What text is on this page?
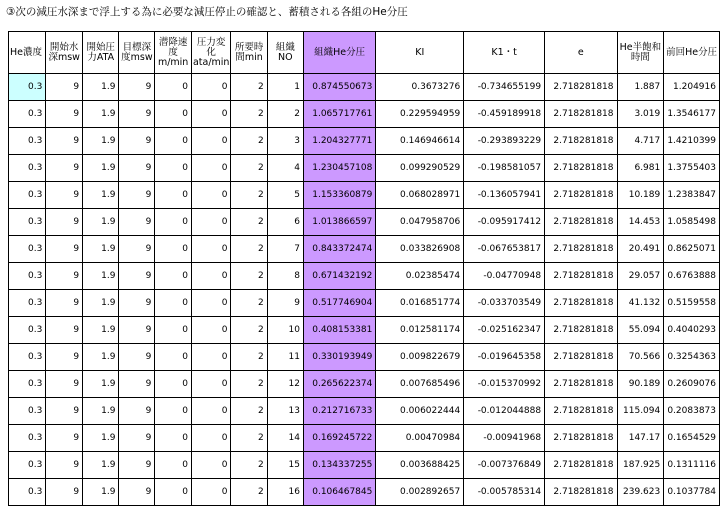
③次の減圧水深まで浮上する為に必要な減圧停止の確認と、蓄積される各組のHe分圧
He濃度	開始水深msw	開始圧力ATA	目標深度msw	潜降速度m/min	圧力変化ata/min	所要時間min	組織NO	組織He分圧	KI	K1・t	e	He半飽和時間	前回He分圧
0.3	9	1.9	9	0	0	2	1	0.874550673	0.3673276	-0.734655199	2.718281818	1.887	1.204916
0.3	9	1.9	9	0	0	2	2	1.065717761	0.229594959	-0.459189918	2.718281818	3.019	1.3546177
0.3	9	1.9	9	0	0	2	3	1.204327771	0.146946614	-0.293893229	2.718281818	4.717	1.4210399
0.3	9	1.9	9	0	0	2	4	1.230457108	0.099290529	-0.198581057	2.718281818	6.981	1.3755403
0.3	9	1.9	9	0	0	2	5	1.153360879	0.068028971	-0.136057941	2.718281818	10.189	1.2383847
0.3	9	1.9	9	0	0	2	6	1.013866597	0.047958706	-0.095917412	2.718281818	14.453	1.0585498
0.3	9	1.9	9	0	0	2	7	0.843372474	0.033826908	-0.067653817	2.718281818	20.491	0.8625071
0.3	9	1.9	9	0	0	2	8	0.671432192	0.02385474	-0.04770948	2.718281818	29.057	0.6763888
0.3	9	1.9	9	0	0	2	9	0.517746904	0.016851774	-0.033703549	2.718281818	41.132	0.5159558
0.3	9	1.9	9	0	0	2	10	0.408153381	0.012581174	-0.025162347	2.718281818	55.094	0.4040293
0.3	9	1.9	9	0	0	2	11	0.330193949	0.009822679	-0.019645358	2.718281818	70.566	0.3254363
0.3	9	1.9	9	0	0	2	12	0.265622374	0.007685496	-0.015370992	2.718281818	90.189	0.2609076
0.3	9	1.9	9	0	0	2	13	0.212716733	0.006022444	-0.012044888	2.718281818	115.094	0.2083873
0.3	9	1.9	9	0	0	2	14	0.169245722	0.00470984	-0.00941968	2.718281818	147.17	0.1654529
0.3	9	1.9	9	0	0	2	15	0.134337255	0.003688425	-0.007376849	2.718281818	187.925	0.1311116
0.3	9	1.9	9	0	0	2	16	0.106467845	0.002892657	-0.005785314	2.718281818	239.623	0.1037784
